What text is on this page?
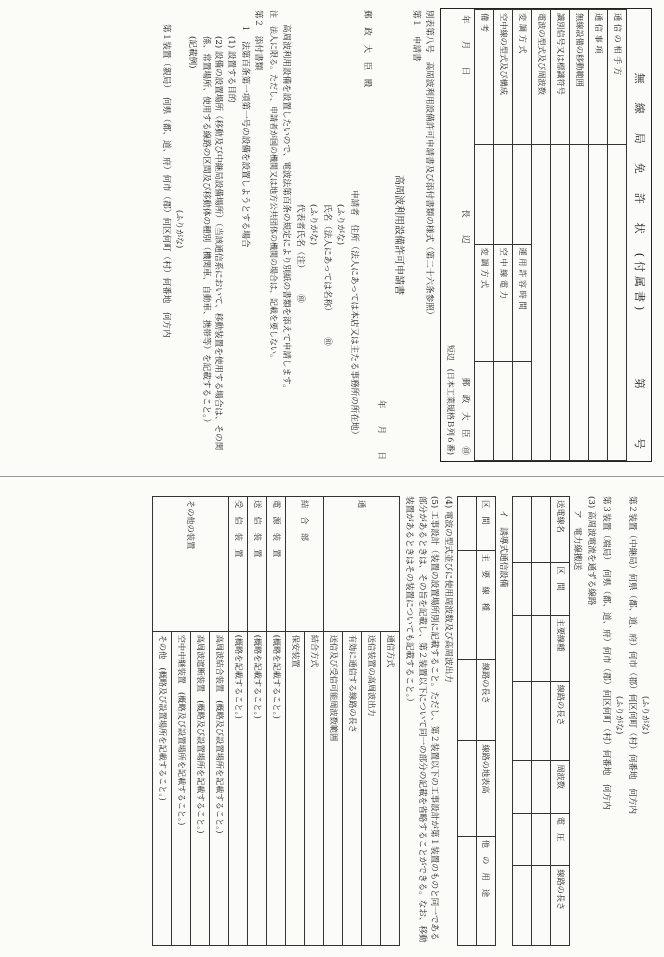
無　線　局　免　許　状　(付属書)
第　　　号
通 信 の 相 手 方			
通 信 事 項			
無線設備の移動範囲			
識別信号又は標識符号			
電波の型式及び周波数			
変 調 方 式		運 用 許 容 時 間	
空中線の型式及び構成		空 中 線 電 力	
備 考		変 調 方 式	
年　　月　　日
長　　辺
郵　政　大　臣　㊞
短辺　(日本工業規格Ｂ列６番)

別表第八号　高周波利用設備許可申請書及び添付書類の様式（第二十六条参照）

第１　申請書

高周波利用設備許可申請書

年　　月　　日

郵　政　大　臣　殿

申請者　住所（法人にあっては本店又は主たる事務所の所在地）

(ふりがな)

氏名（法人にあっては名称）　　　㊞

(ふりがな)

代表者氏名（注）　　　㊞

高周波利用設備を設置したいので、電波法第百条の規定により別紙の書類を添えて申請します。

注　法人に限る。ただし、申請者が国の機関又は地方公共団体の機関の場合は、記載を要しない。

第２　添付書類

１　法第百条第一項第一号の設備を設置しようとする場合

(1) 設置する目的

(2) 設備の設置場所（移動及び中継局設備場所）（当該通信系において、移動装置を使用する場合は、その関係、常置場所、使用する線路の区間及び移動体の種別（機関車、自動車、携帯等）を記載すること。）

(記載例)

(ふりがな)

第１装置（親局）　何県（都、道、府）何市（郡）何区何町（村）何番地　何方内

(ふりがな)

第２装置（中継局）何県（都、道、府）何市（郡）何区何町（村）何番地　何方内

(ふりがな)

第３装置（端局）　何県（都、道、府）何市（郡）何区何町（村）何番地　何方内

(3) 高周波電流を通ずる線路

ア　電力線搬送

送電線名	区　間	主要線種	線路の長さ	周波数	電　圧	線路の長さ

イ　誘導式通信設備

区　間	主　要　線　種	線路の長さ	線路の地表高	他　の　用　途

(4) 電波の型式並びに使用周波数及び高周波出力

(5) 工事設計（装置の設置場所別に記載すること。ただし、第２装置以下の工事設計が第１装置のものと同一である部分があるときは、その旨を記載し、第２装置以下について同一の部分の記載を省略することができる。なお、移動装置があるときはその装置についても記載すること。）

通	通信方式
	送信装置の高周波出力
	有効に通信する線路の長さ
	送信及び受信可能周波数範囲
結　合　部	結合方式
	保安装置
電　源　装　置	(概略を記載すること。)
送　信　装　置	(概略を記載すること。)
受　信　装　置	(概略を記載すること。)
その他の装置	高周波結合装置　(概略及び設置場所を記載すること。)
	高周波遮断装置　(概略及び設置場所を記載すること。)
	空中中継装置　(概略及び設置場所を記載すること。)
	その他　(概略及び設置場所を記載すること。)
